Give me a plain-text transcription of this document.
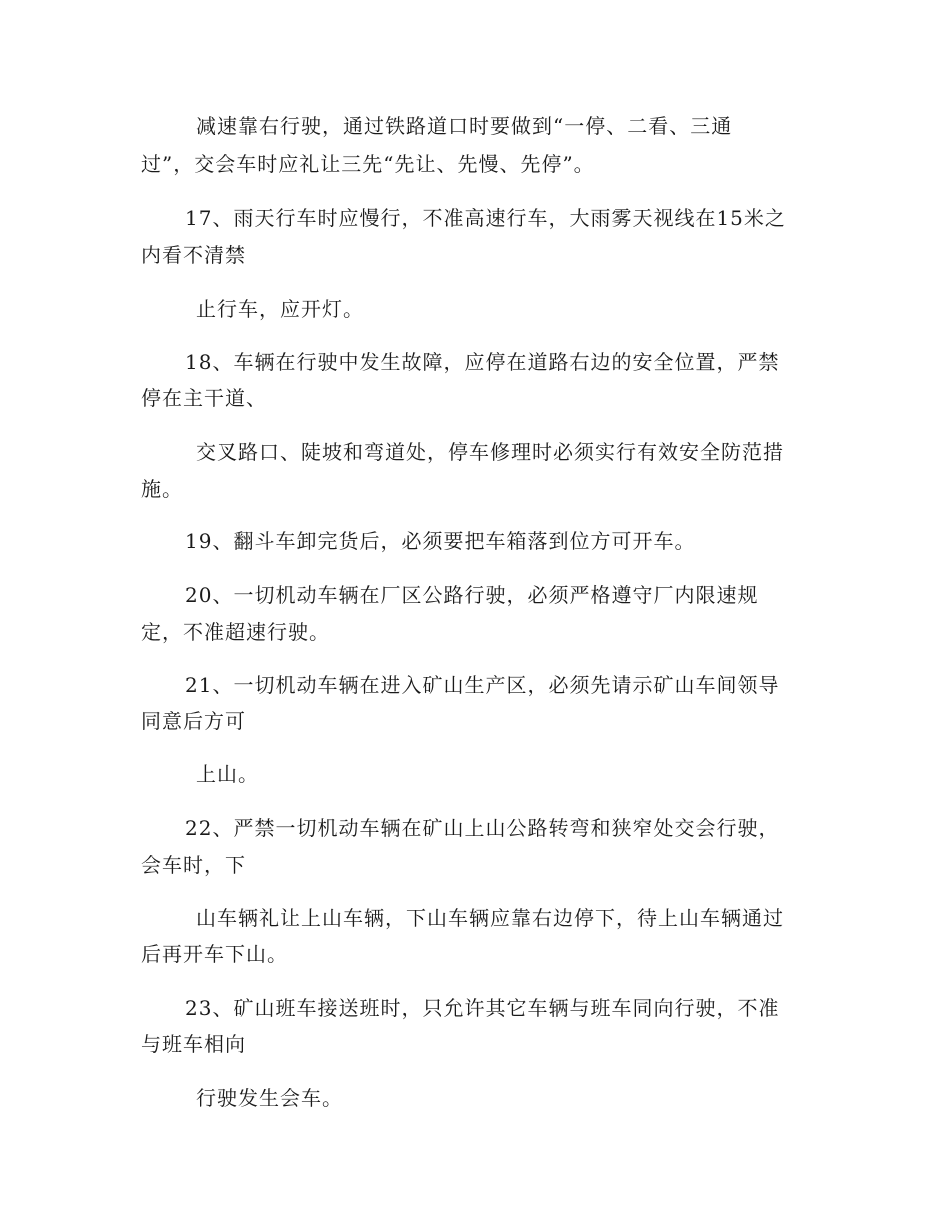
减速靠右行驶，通过铁路道口时要做到“一停、二看、三通
过”，交会车时应礼让三先“先让、先慢、先停”。
17、雨天行车时应慢行，不准高速行车，大雨雾天视线在15米之
内看不清禁
止行车，应开灯。
18、车辆在行驶中发生故障，应停在道路右边的安全位置，严禁
停在主干道、
交叉路口、陡坡和弯道处，停车修理时必须实行有效安全防范措
施。
19、翻斗车卸完货后，必须要把车箱落到位方可开车。
20、一切机动车辆在厂区公路行驶，必须严格遵守厂内限速规
定，不准超速行驶。
21、一切机动车辆在进入矿山生产区，必须先请示矿山车间领导
同意后方可
上山。
22、严禁一切机动车辆在矿山上山公路转弯和狭窄处交会行驶，
会车时，下
山车辆礼让上山车辆，下山车辆应靠右边停下，待上山车辆通过
后再开车下山。
23、矿山班车接送班时，只允许其它车辆与班车同向行驶，不准
与班车相向
行驶发生会车。
